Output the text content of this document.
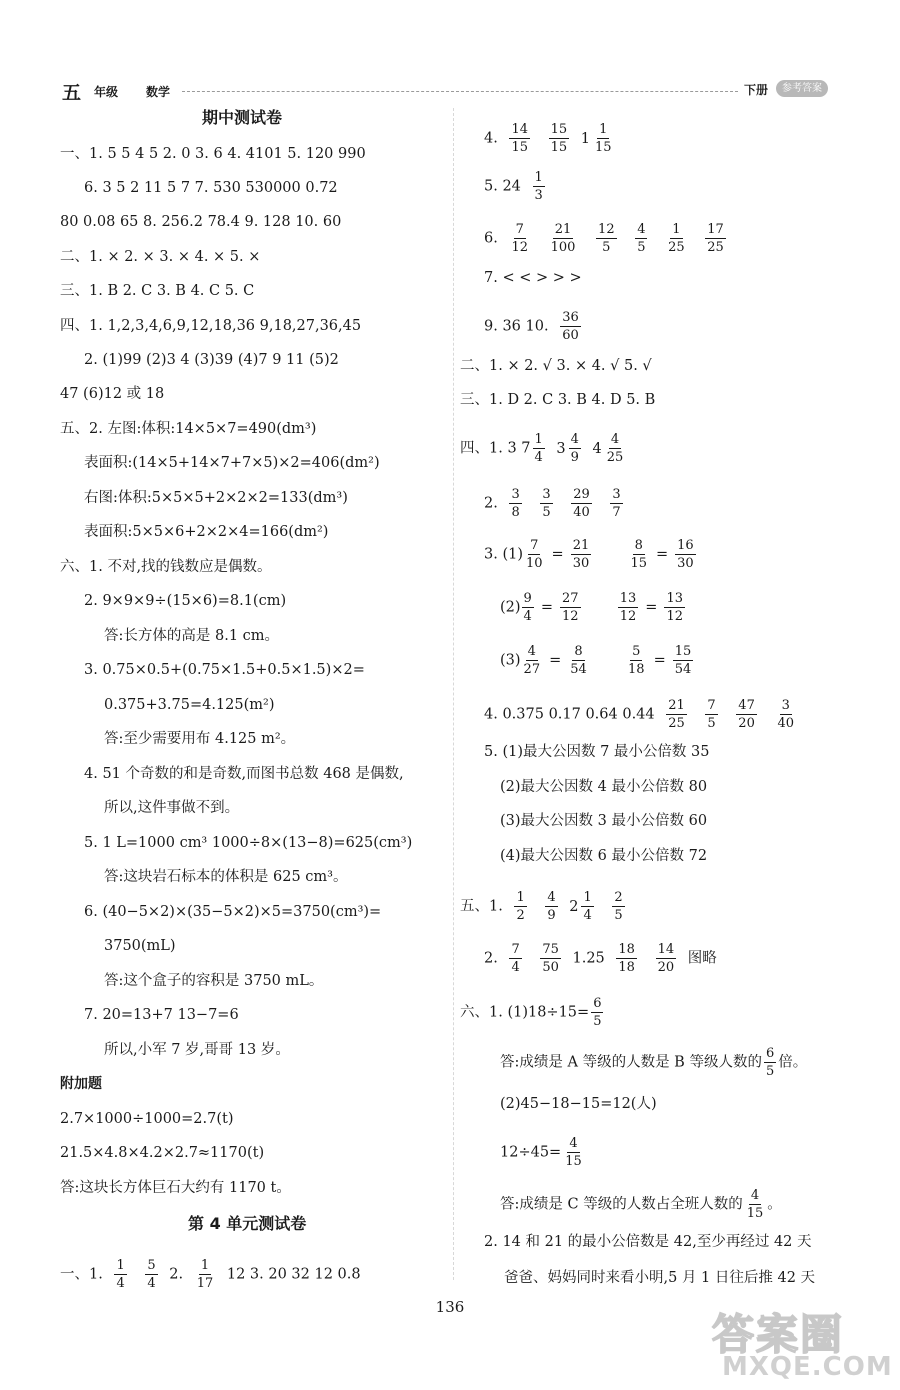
五 年级 数学	下册	参考答案
期中测试卷
一、1. 5 5 4 5 2. 0 3. 6 4. 4101 5. 120 990
6. 3 5 2 11 5 7 7. 530 530000 0.72
80 0.08 65 8. 256.2 78.4 9. 128 10. 60
二、1. × 2. × 3. × 4. × 5. ×
三、1. B 2. C 3. B 4. C 5. C
四、1. 1,2,3,4,6,9,12,18,36 9,18,27,36,45
2. (1)99 (2)3 4 (3)39 (4)7 9 11 (5)2
47 (6)12 或 18
五、2. 左图:体积:14×5×7=490(dm³)
表面积:(14×5+14×7+7×5)×2=406(dm²)
右图:体积:5×5×5+2×2×2=133(dm³)
表面积:5×5×6+2×2×4=166(dm²)
六、1. 不对,找的钱数应是偶数。
2. 9×9×9÷(15×6)=8.1(cm)
答:长方体的高是 8.1 cm。
3. 0.75×0.5+(0.75×1.5+0.5×1.5)×2=
0.375+3.75=4.125(m²)
答:至少需要用布 4.125 m²。
4. 51 个奇数的和是奇数,而图书总数 468 是偶数,
所以,这件事做不到。
5. 1 L=1000 cm³ 1000÷8×(13−8)=625(cm³)
答:这块岩石标本的体积是 625 cm³。
6. (40−5×2)×(35−5×2)×5=3750(cm³)=
3750(mL)
答:这个盒子的容积是 3750 mL。
7. 20=13+7 13−7=6
所以,小军 7 岁,哥哥 13 岁。
附加题
2.7×1000÷1000=2.7(t)
21.5×4.8×4.2×2.7≈1170(t)
答:这块长方体巨石大约有 1170 t。
第 4 单元测试卷
一、1. $\frac{1}{4}$
$\frac{5}{4} 2$. $\frac{1}{17} 12$ 3. 20 32 12 0.8
4. $\frac{14}{15}$
$\frac{15}{15} 1 \frac{1}{15}$
5. $24 \frac{1}{3}$
6. $\frac{7}{12}$
$\frac{21}{100}$
$\frac{12}{5}$
$\frac{4}{5}$
$\frac{1}{25}$
$\frac{17}{25}$
7. < < > > >
9. 36 10. $\frac{36}{60}$
二、1. × 2. √ 3. × 4. √ 5. √
三、1. D 2. C 3. B 4. D 5. B
四、1. 3 $7 \frac{1}{4} 3 \frac{4}{9} 4 \frac{4}{25}$
2. $\frac{3}{8}$
$\frac{3}{5}$
$\frac{29}{40}$
$\frac{3}{7}$
3. $(1) \frac{7}{10} = \frac{21}{30}$
	$\frac{8}{15} = \frac{16}{30}$
$(2) \frac{9}{4} = \frac{27}{12}$
	$\frac{13}{12} = \frac{13}{12}$
$(3) \frac{4}{27} = \frac{8}{54}$
	$\frac{5}{18} = \frac{15}{54}$
4. 0.375 0.17 0.64 $0.44 \frac{21}{25}$
$\frac{7}{5}$
$\frac{47}{20}$
$\frac{3}{40}$
5. (1)最大公因数 7 最小公倍数 35
(2)最大公因数 4 最小公倍数 80
(3)最大公因数 3 最小公倍数 60
(4)最大公因数 6 最小公倍数 72
五、1. $\frac{1}{2}$
$\frac{4}{9} 2 \frac{1}{4}$
$\frac{2}{5}$
2. $\frac{7}{4}$
$\frac{75}{50} 1.25 \frac{18}{18}$
$\frac{14}{20}$ 图略
六、1. $(1)18\div 15= \frac{6}{5}$
答:成绩是 A 等级的人数是 B 等级人数的 $\frac{6}{5}$ 倍。
(2)45−18−15=12(人)
$12\div 45= \frac{4}{15}$
答:成绩是 C 等级的人数占全班人数的 $\frac{4}{15}$ 。
2. 14 和 21 的最小公倍数是 42,至少再经过 42 天
爸爸、妈妈同时来看小明,5 月 1 日往后推 42 天
136
答案圈
MXQE.COM
